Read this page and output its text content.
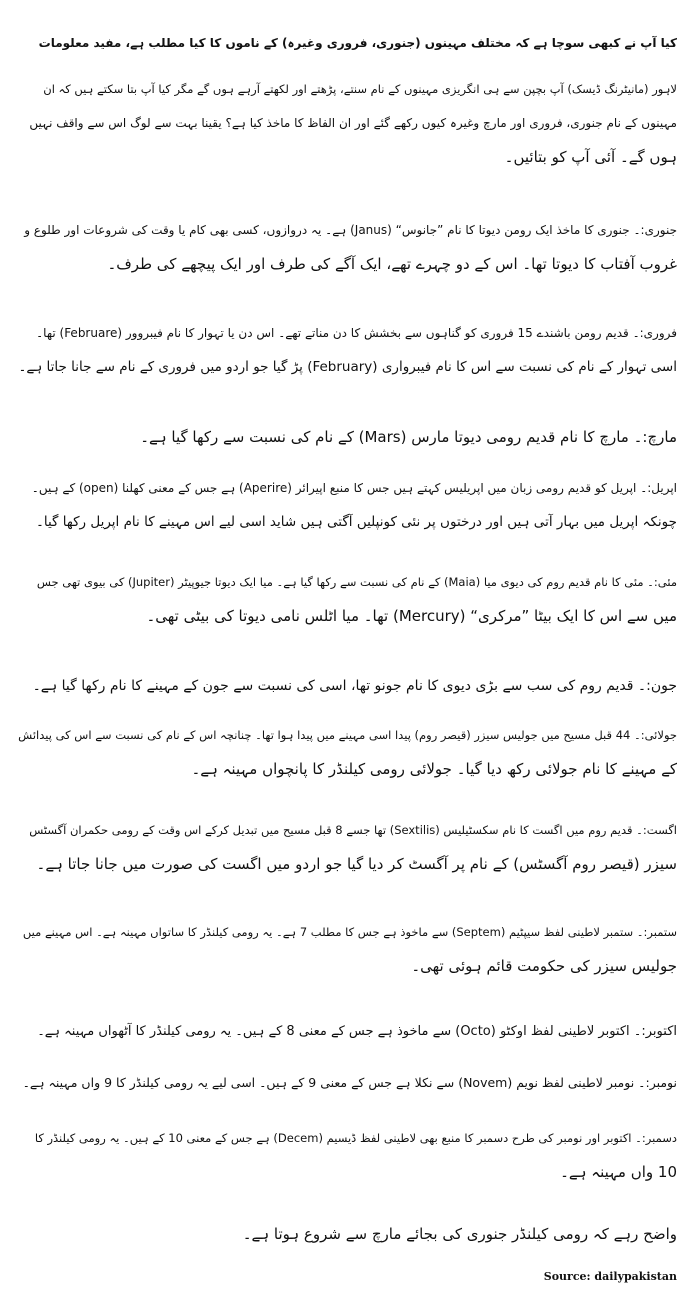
کیا آپ نے کبھی سوچا ہے کہ مختلف مہینوں (جنوری، فروری وغیرہ) کے ناموں کا کیا مطلب ہے، مفید معلومات

لاہور (مانیٹرنگ ڈیسک) آپ بچپن سے ہی انگریزی مہینوں کے نام سنتے، پڑھتے اور لکھتے آرہے ہوں گے مگر کیا آپ بتا سکتے ہیں کہ ان
مہینوں کے نام جنوری، فروری اور مارچ وغیرہ کیوں رکھے گئے اور ان الفاظ کا ماخذ کیا ہے؟ یقینا بہت سے لوگ اس سے واقف نہیں
ہوں گے۔ آئی آپ کو بتائیں۔

جنوری:۔ جنوری کا ماخذ ایک رومن دیوتا کا نام ”جانوس“ (Janus) ہے۔ یہ دروازوں، کسی بھی کام یا وقت کی شروعات اور طلوع و
غروب آفتاب کا دیوتا تھا۔ اس کے دو چہرے تھے، ایک آگے کی طرف اور ایک پیچھے کی طرف۔

فروری:۔ قدیم رومن باشندے 15 فروری کو گناہوں سے بخشش کا دن مناتے تھے۔ اس دن یا تہوار کا نام فیبروور (Februare) تھا۔
اسی تہوار کے نام کی نسبت سے اس کا نام فیبرواری (February) پڑ گیا جو اردو میں فروری کے نام سے جانا جاتا ہے۔

مارچ:۔ مارچ کا نام قدیم رومی دیوتا مارس (Mars) کے نام کی نسبت سے رکھا گیا ہے۔

اپریل:۔ اپریل کو قدیم رومی زبان میں اپریلیس کہتے ہیں جس کا منبع اپیرائر (Aperire) ہے جس کے معنی کھلنا (open) کے ہیں۔
چونکہ اپریل میں بہار آتی ہیں اور درختوں پر نئی کونپلیں آگتی ہیں شاید اسی لیے اس مہینے کا نام اپریل رکھا گیا۔

مئی:۔ مئی کا نام قدیم روم کی دیوی میا (Maia) کے نام کی نسبت سے رکھا گیا ہے۔ میا ایک دیوتا جیوپیٹر (Jupiter) کی بیوی تھی جس
میں سے اس کا ایک بیٹا ”مرکری“ (Mercury) تھا۔ میا اٹلس نامی دیوتا کی بیٹی تھی۔

جون:۔ قدیم روم کی سب سے بڑی دیوی کا نام جونو تھا، اسی کی نسبت سے جون کے مہینے کا نام رکھا گیا ہے۔

جولائی:۔ 44 قبل مسیح میں جولیس سیزر (قیصر روم) پیدا اسی مہینے میں پیدا ہوا تھا۔ چنانچہ اس کے نام کی نسبت سے اس کی پیدائش
کے مہینے کا نام جولائی رکھ دیا گیا۔ جولائی رومی کیلنڈر کا پانچواں مہینہ ہے۔

اگست:۔ قدیم روم میں اگست کا نام سکسٹیلیس (Sextilis) تھا جسے 8 قبل مسیح میں تبدیل کرکے اس وقت کے رومی حکمران آگسٹس
سیزر (قیصر روم آگسٹس) کے نام پر آگسٹ کر دیا گیا جو اردو میں اگست کی صورت میں جانا جاتا ہے۔

ستمبر:۔ ستمبر لاطینی لفظ سیپٹیم (Septem) سے ماخوذ ہے جس کا مطلب 7 ہے۔ یہ رومی کیلنڈر کا ساتواں مہینہ ہے۔ اس مہینے میں
جولیس سیزر کی حکومت قائم ہوئی تھی۔

اکتوبر:۔ اکتوبر لاطینی لفظ اوکٹو (Octo) سے ماخوذ ہے جس کے معنی 8 کے ہیں۔ یہ رومی کیلنڈر کا آٹھواں مہینہ ہے۔

نومبر:۔ نومبر لاطینی لفظ نویم (Novem) سے نکلا ہے جس کے معنی 9 کے ہیں۔ اسی لیے یہ رومی کیلنڈر کا 9 واں مہینہ ہے۔

دسمبر:۔ اکتوبر اور نومبر کی طرح دسمبر کا منبع بھی لاطینی لفظ ڈیسیم (Decem) ہے جس کے معنی 10 کے ہیں۔ یہ رومی کیلنڈر کا
10 واں مہینہ ہے۔

واضح رہے کہ رومی کیلنڈر جنوری کی بجائے مارچ سے شروع ہوتا ہے۔

Source: dailypakistan
